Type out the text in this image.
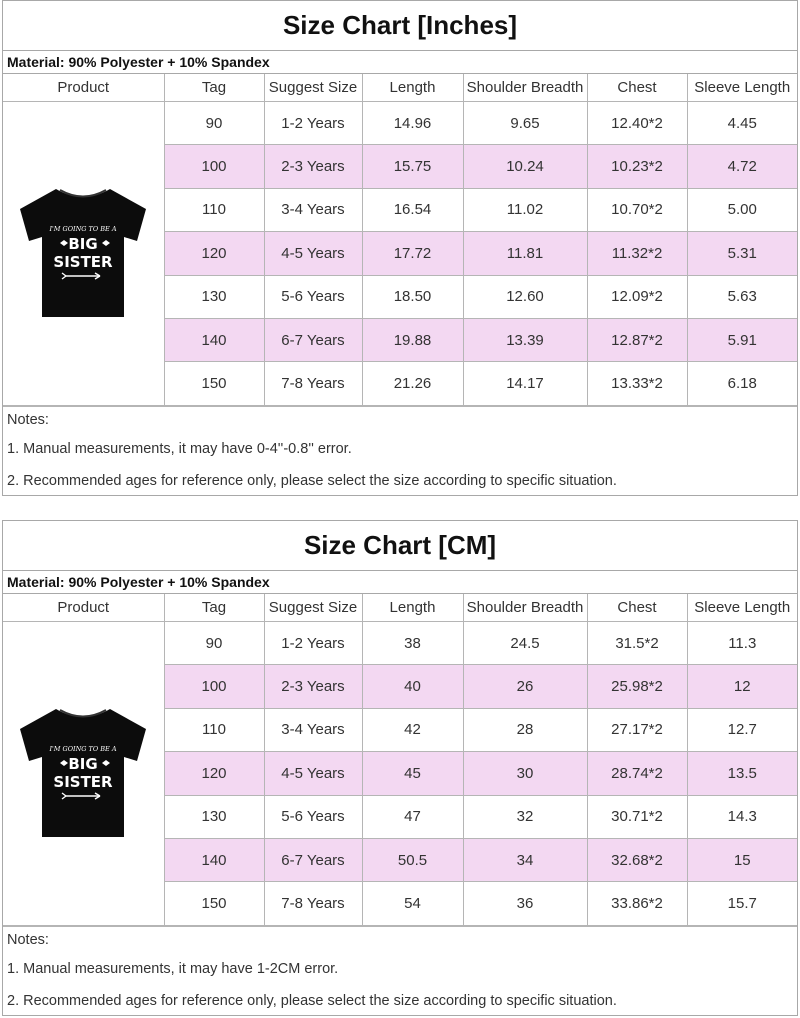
Size Chart [Inches]
Material: 90% Polyester + 10% Spandex
Product	Tag	Suggest Size	Length	Shoulder Breadth	Chest	Sleeve Length

I'M GOING TO BE A
BIG
SISTER	90	1-2 Years	14.96	9.65	12.40*2	4.45
	100	2-3 Years	15.75	10.24	10.23*2	4.72
	110	3-4 Years	16.54	11.02	10.70*2	5.00
	120	4-5 Years	17.72	11.81	11.32*2	5.31
	130	5-6 Years	18.50	12.60	12.09*2	5.63
	140	6-7 Years	19.88	13.39	12.87*2	5.91
	150	7-8 Years	21.26	14.17	13.33*2	6.18
Notes:
1. Manual measurements, it may have 0-4''-0.8'' error.
2. Recommended ages for reference only, please select the size according to specific situation.
Size Chart [CM]
Material: 90% Polyester + 10% Spandex
Product	Tag	Suggest Size	Length	Shoulder Breadth	Chest	Sleeve Length

I'M GOING TO BE A
BIG
SISTER	90	1-2 Years	38	24.5	31.5*2	11.3
	100	2-3 Years	40	26	25.98*2	12
	110	3-4 Years	42	28	27.17*2	12.7
	120	4-5 Years	45	30	28.74*2	13.5
	130	5-6 Years	47	32	30.71*2	14.3
	140	6-7 Years	50.5	34	32.68*2	15
	150	7-8 Years	54	36	33.86*2	15.7
Notes:
1. Manual measurements, it may have 1-2CM error.
2. Recommended ages for reference only, please select the size according to specific situation.
